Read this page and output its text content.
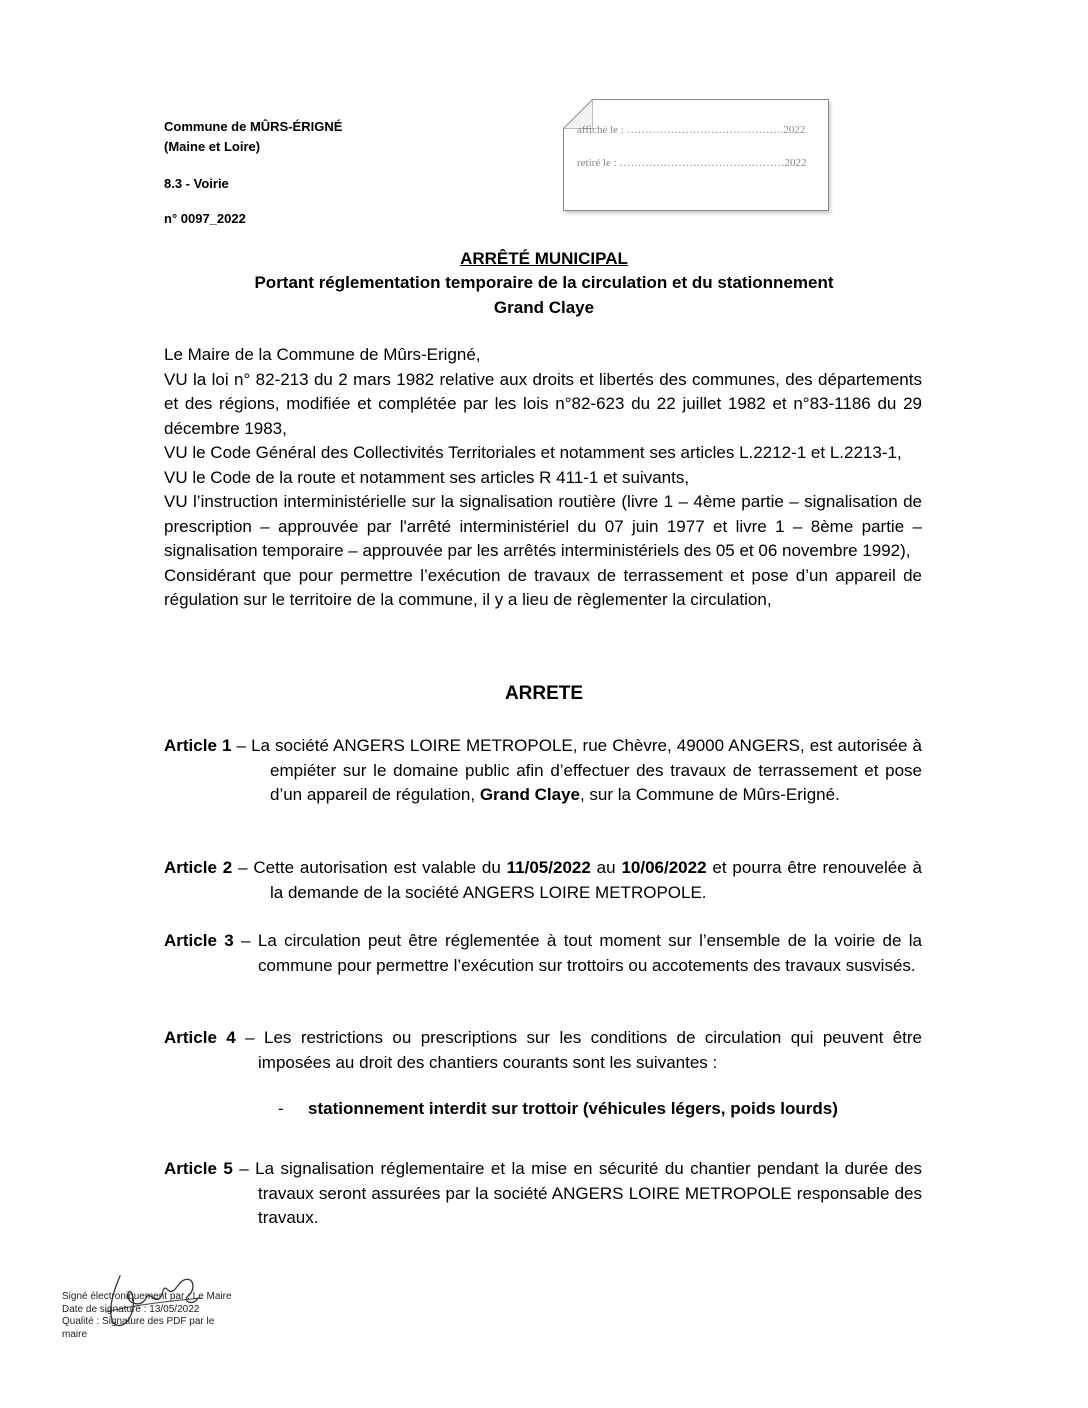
Commune de MÛRS-ÉRIGNÉ
(Maine et Loire)
8.3 - Voirie
n° 0097_2022
affiché le : …………………………………….2022
retiré le : ………………………………………2022
ARRÊTÉ MUNICIPAL
Portant réglementation temporaire de la circulation et du stationnement
Grand Claye

Le Maire de la Commune de Mûrs-Erigné,

VU la loi n° 82-213 du 2 mars 1982 relative aux droits et libertés des communes, des départements et des régions, modifiée et complétée par les lois n°82-623 du 22 juillet 1982 et n°83-1186 du 29 décembre 1983,

VU le Code Général des Collectivités Territoriales et notamment ses articles L.2212-1 et L.2213-1,

VU le Code de la route et notamment ses articles R 411-1 et suivants,

VU l’instruction interministérielle sur la signalisation routière (livre 1 – 4ème partie – signalisation de prescription – approuvée par l'arrêté interministériel du 07 juin 1977 et livre 1 – 8ème partie – signalisation temporaire – approuvée par les arrêtés interministériels des 05 et 06 novembre 1992),

Considérant que pour permettre l’exécution de travaux de terrassement et pose d’un appareil de régulation sur le territoire de la commune, il y a lieu de règlementer la circulation,

ARRETE

Article 1 – La société ANGERS LOIRE METROPOLE, rue Chèvre, 49000 ANGERS, est autorisée à empiéter sur le domaine public afin d’effectuer des travaux de terrassement et pose d’un appareil de régulation, Grand Claye, sur la Commune de Mûrs-Erigné.

Article 2 – Cette autorisation est valable du 11/05/2022 au 10/06/2022 et pourra être renouvelée à la demande de la société ANGERS LOIRE METROPOLE.

Article 3 – La circulation peut être réglementée à tout moment sur l’ensemble de la voirie de la commune pour permettre l’exécution sur trottoirs ou accotements des travaux susvisés.

Article 4 – Les restrictions ou prescriptions sur les conditions de circulation qui peuvent être imposées au droit des chantiers courants sont les suivantes :

- stationnement interdit sur trottoir (véhicules légers, poids lourds)

Article 5 – La signalisation réglementaire et la mise en sécurité du chantier pendant la durée des travaux seront assurées par la société ANGERS LOIRE METROPOLE responsable des travaux.

Signé électroniquement par : Le Maire
Date de signature : 13/05/2022
Qualité : Signature des PDF par le maire
